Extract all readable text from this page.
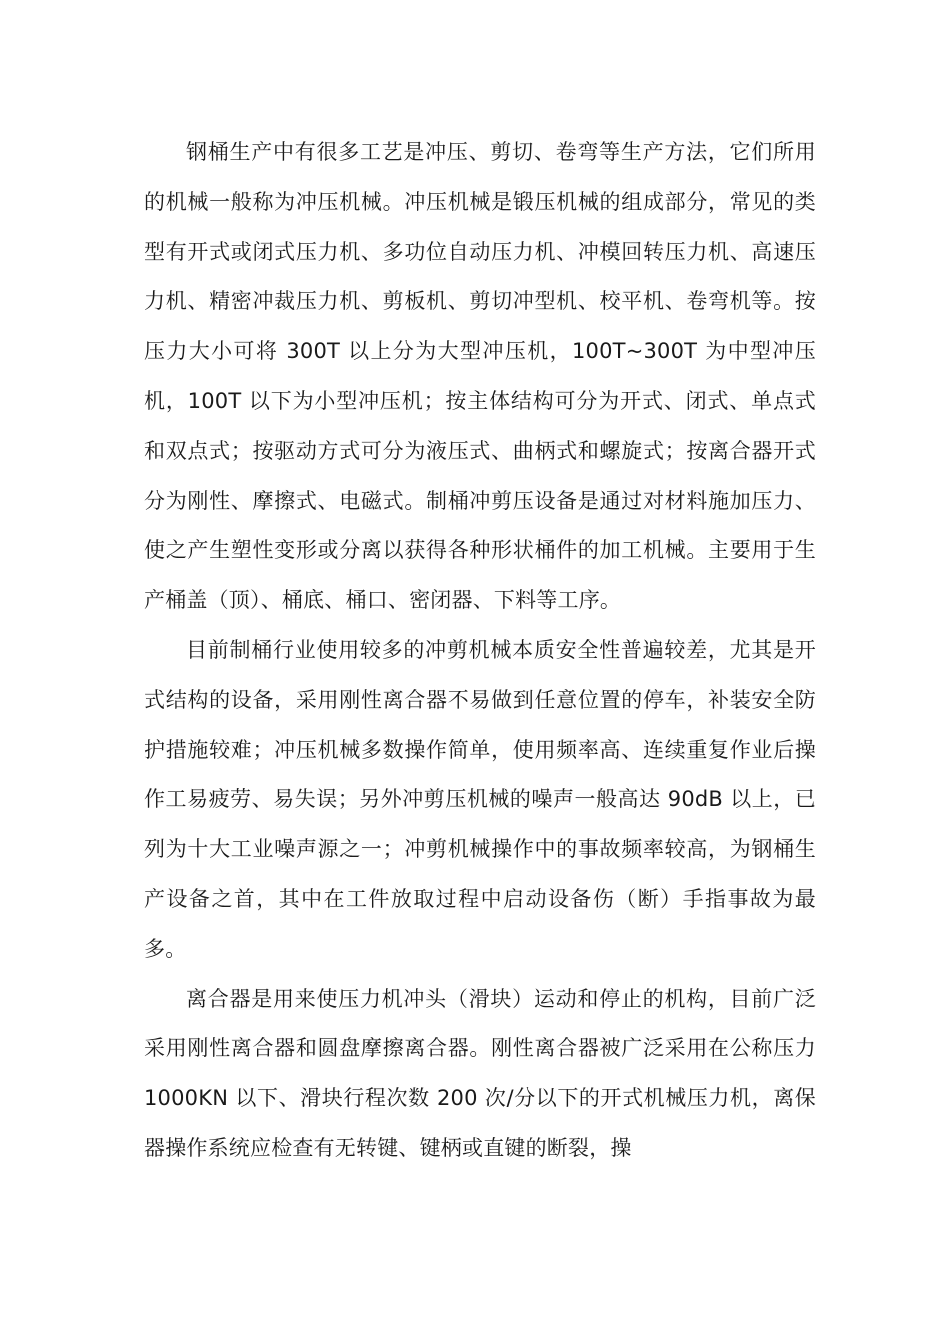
钢桶生产中有很多工艺是冲压、剪切、卷弯等生产方法，它们所用的机械一般称为冲压机械。冲压机械是锻压机械的组成部分，常见的类型有开式或闭式压力机、多功位自动压力机、冲模回转压力机、高速压力机、精密冲裁压力机、剪板机、剪切冲型机、校平机、卷弯机等。按压力大小可将 300T 以上分为大型冲压机，100T~300T 为中型冲压机，100T 以下为小型冲压机；按主体结构可分为开式、闭式、单点式和双点式；按驱动方式可分为液压式、曲柄式和螺旋式；按离合器开式分为刚性、摩擦式、电磁式。制桶冲剪压设备是通过对材料施加压力、使之产生塑性变形或分离以获得各种形状桶件的加工机械。主要用于生产桶盖（顶）、桶底、桶口、密闭器、下料等工序。

目前制桶行业使用较多的冲剪机械本质安全性普遍较差，尤其是开式结构的设备，采用刚性离合器不易做到任意位置的停车，补装安全防护措施较难；冲压机械多数操作简单，使用频率高、连续重复作业后操作工易疲劳、易失误；另外冲剪压机械的噪声一般高达 90dB 以上，已列为十大工业噪声源之一；冲剪机械操作中的事故频率较高，为钢桶生产设备之首，其中在工件放取过程中启动设备伤（断）手指事故为最多。

离合器是用来使压力机冲头（滑块）运动和停止的机构，目前广泛采用刚性离合器和圆盘摩擦离合器。刚性离合器被广泛采用在公称压力 1000KN 以下、滑块行程次数 200 次/分以下的开式机械压力机，离保器操作系统应检查有无转键、键柄或直键的断裂，操
